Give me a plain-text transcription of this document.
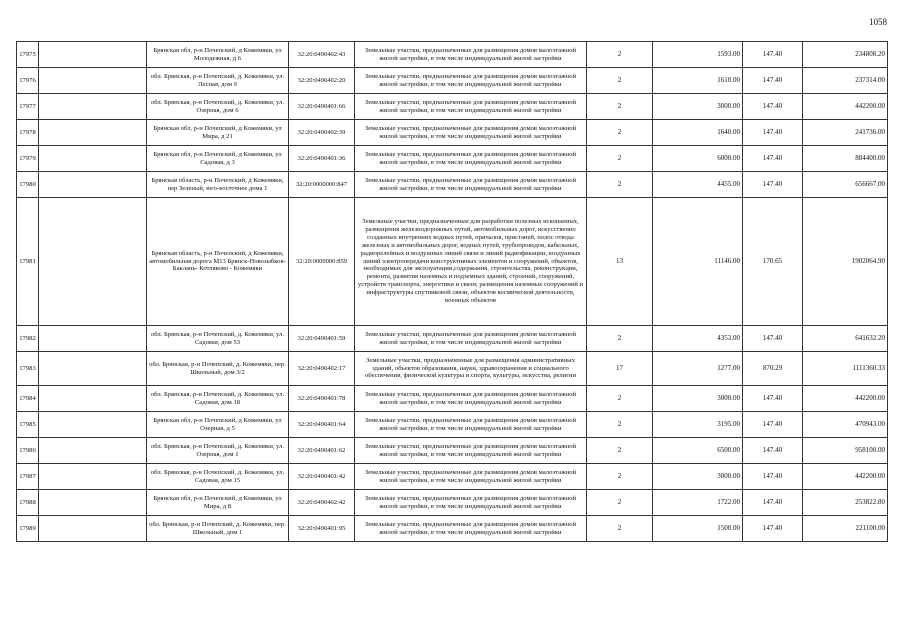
1058
17975		Брянская обл, р-н Почепский, д Кожемяки, ул Молодежная, д 6	32:20:0490402:43	Земельные участки, предназначенные для размещения домов малоэтажной жилой застройки, в том числе индивидуальной жилой застройки	2	1593.00	147.40	234808.20
17976		обл. Брянская, р-н Почепский, д. Кожемяки, ул. Лесная, дом 9	32:20:0490402:20	Земельные участки, предназначенные для размещения домов малоэтажной жилой застройки, в том числе индивидуальной жилой застройки	2	1610.00	147.40	237314.00
17977		обл. Брянская, р-н Почепский, д. Кожемяки, ул. Озерная, дом 6	32:20:0490401:66	Земельные участки, предназначенные для размещения домов малоэтажной жилой застройки, в том числе индивидуальной жилой застройки	2	3000.00	147.40	442200.00
17978		Брянская обл, р-н Почепский, д Кожемяки, ул Мира, д 21	32:20:0490402:39	Земельные участки, предназначенные для размещения домов малоэтажной жилой застройки, в том числе индивидуальной жилой застройки	2	1640.00	147.40	241736.00
17979		Брянская обл, р-н Почепский, д Кожемяки, ул Садовая, д 3	32:20:0490401:36	Земельные участки, предназначенные для размещения домов малоэтажной жилой застройки, в том числе индивидуальной жилой застройки	2	6000.00	147.40	884400.00
17980		Брянская область, р-н Почепский, д Кожемяки, пер Зеленый, юго-восточнее дома 1	32:20:0000000:847	Земельные участки, предназначенные для размещения домов малоэтажной жилой застройки, в том числе индивидуальной жилой застройки	2	4455.00	147.40	656667.00
17981		Брянская область, р-н Почепский, д Кожемяки, автомобильная дорога М13 Брянск-Новозыбков-Баклань- Котляково - Кожемяки	32:20:0000000:859	Земельные участки, предназначенные для разработки полезных ископаемых, размещения железнодорожных путей, автомобильных дорог, искусственно созданных внутренних водных путей, причалов, пристаней, полос отвода железных и автомобильных дорог, водных путей, трубопроводов, кабельных, радиорелейных и воздушных линий связи и линий радиофикации, воздушных линий электропередачи конструктивных элементов и сооружений, объектов, необходимых для эксплуатации,содержания, строительства, реконструкции, ремонта, развития наземных и подземных зданий, строений, сооружений, устройств транспорта, энергетики и связи; размещения наземных сооружений и инфраструктуры спутниковой связи, объектов космической деятельности, военных объектов	13	11146.00	170.65	1902064.90
17982		обл. Брянская, р-н Почепский, д. Кожемяки, ул. Садовая, дом 53	32:20:0490401:59	Земельные участки, предназначенные для размещения домов малоэтажной жилой застройки, в том числе индивидуальной жилой застройки	2	4353.00	147.40	641632.20
17983		обл. Брянская, р-н Почепский, д. Кожемяки, пер. Школьный, дом 3/2	32:20:0490402:17	Земельные участки, предназначенные для размещения административных зданий, объектов образования, науки, здравоохранения и социального обеспечения, физической культуры и спорта, культуры, искусства, религии	17	1277.00	870.29	1111360.33
17984		обл. Брянская, р-н Почепский, д. Кожемяки, ул. Садовая, дом 18	32:20:0490401:78	Земельные участки, предназначенные для размещения домов малоэтажной жилой застройки, в том числе индивидуальной жилой застройки	2	3000.00	147.40	442200.00
17985		Брянская обл, р-н Почепский, д Кожемяки, ул Озерная, д 5	32:20:0490401:64	Земельные участки, предназначенные для размещения домов малоэтажной жилой застройки, в том числе индивидуальной жилой застройки	2	3195.00	147.40	470943.00
17986		обл. Брянская, р-н Почепский, д. Кожемяки, ул. Озерная, дом 1	32:20:0490401:62	Земельные участки, предназначенные для размещения домов малоэтажной жилой застройки, в том числе индивидуальной жилой застройки	2	6500.00	147.40	958100.00
17987		обл. Брянская, р-н Почепский, д. Кожемяки, ул. Садовая, дом 15	32:20:0490401:42	Земельные участки, предназначенные для размещения домов малоэтажной жилой застройки, в том числе индивидуальной жилой застройки	2	3000.00	147.40	442200.00
17988		Брянская обл, р-н Почепский, д Кожемяки, ул Мира, д 8	32:20:0490402:42	Земельные участки, предназначенные для размещения домов малоэтажной жилой застройки, в том числе индивидуальной жилой застройки	2	1722.00	147.40	253822.80
17989		обл. Брянская, р-н Почепский, д. Кожемяки, пер. Школьный, дом 1	32:20:0490401:95	Земельные участки, предназначенные для размещения домов малоэтажной жилой застройки, в том числе индивидуальной жилой застройки	2	1500.00	147.40	221100.00
